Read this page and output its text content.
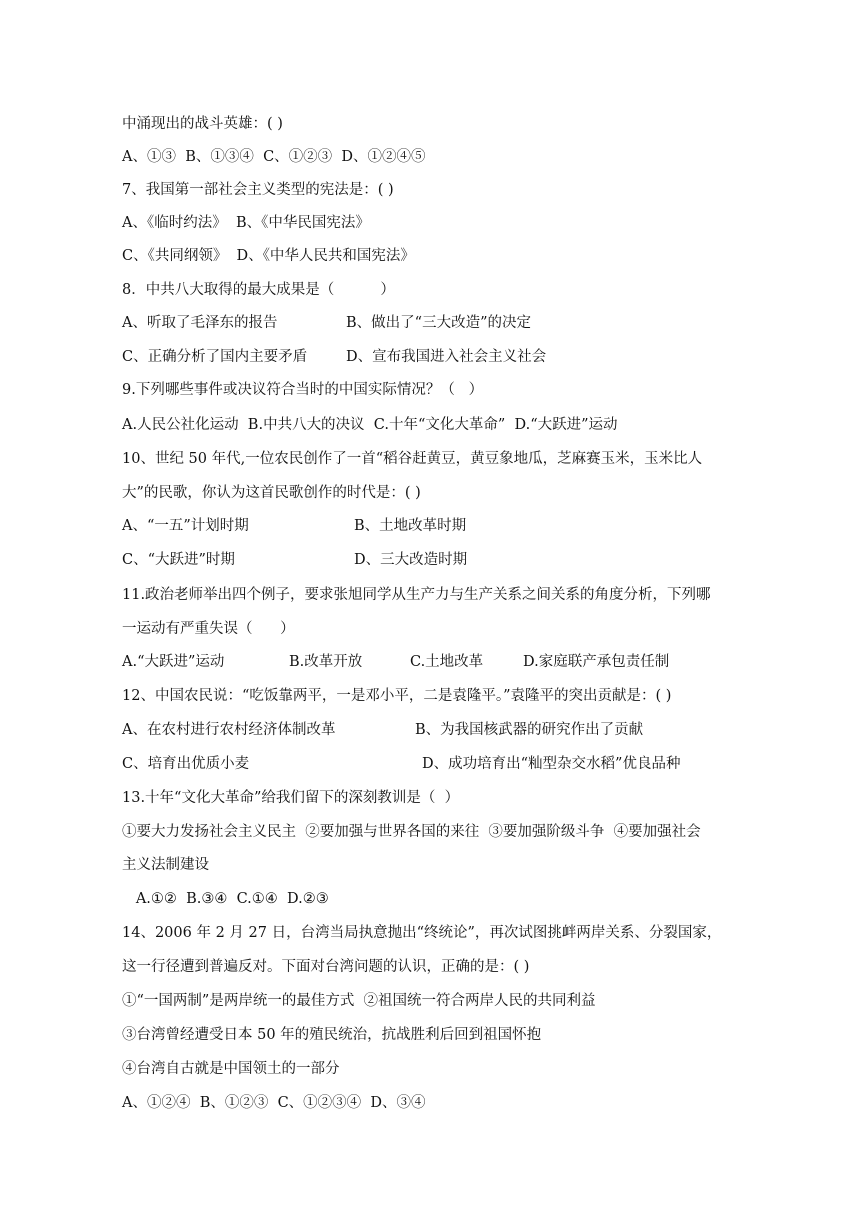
中涌现出的战斗英雄：( )
A、①③  B、①③④  C、①②③  D、①②④⑤
7、我国第一部社会主义类型的宪法是：( )
A、《临时约法》  B、《中华民国宪法》
C、《共同纲领》  D、《中华人民共和国宪法》
8．中共八大取得的最大成果是（          ）
A、听取了毛泽东的报告	B、做出了“三大改造”的决定
C、正确分析了国内主要矛盾	D、宣布我国进入社会主义社会
9.下列哪些事件或决议符合当时的中国实际情况？（   ）
A.人民公社化运动  B.中共八大的决议  C.十年“文化大革命”  D.“大跃进”运动
10、世纪 50 年代,一位农民创作了一首“稻谷赶黄豆，黄豆象地瓜，芝麻赛玉米，玉米比人
大”的民歌，你认为这首民歌创作的时代是：( )
A、“一五”计划时期	B、土地改革时期
C、“大跃进”时期	D、三大改造时期
11.政治老师举出四个例子，要求张旭同学从生产力与生产关系之间关系的角度分析，下列哪
一运动有严重失误（      ）
A.“大跃进”运动	B.改革开放	C.土地改革	D.家庭联产承包责任制
12、中国农民说：“吃饭靠两平，一是邓小平，二是袁隆平。”袁隆平的突出贡献是：( )
A、在农村进行农村经济体制改革	B、为我国核武器的研究作出了贡献
C、培育出优质小麦	D、成功培育出“籼型杂交水稻”优良品种
13.十年“文化大革命”给我们留下的深刻教训是（  ）
①要大力发扬社会主义民主  ②要加强与世界各国的来往  ③要加强阶级斗争  ④要加强社会
主义法制建设
A.①②  B.③④  C.①④  D.②③
14、2006 年 2 月 27 日，台湾当局执意抛出“终统论”，再次试图挑衅两岸关系、分裂国家，
这一行径遭到普遍反对。下面对台湾问题的认识，正确的是：( )
①“一国两制”是两岸统一的最佳方式  ②祖国统一符合两岸人民的共同利益
③台湾曾经遭受日本 50 年的殖民统治，抗战胜利后回到祖国怀抱
④台湾自古就是中国领土的一部分
A、①②④  B、①②③  C、①②③④  D、③④
